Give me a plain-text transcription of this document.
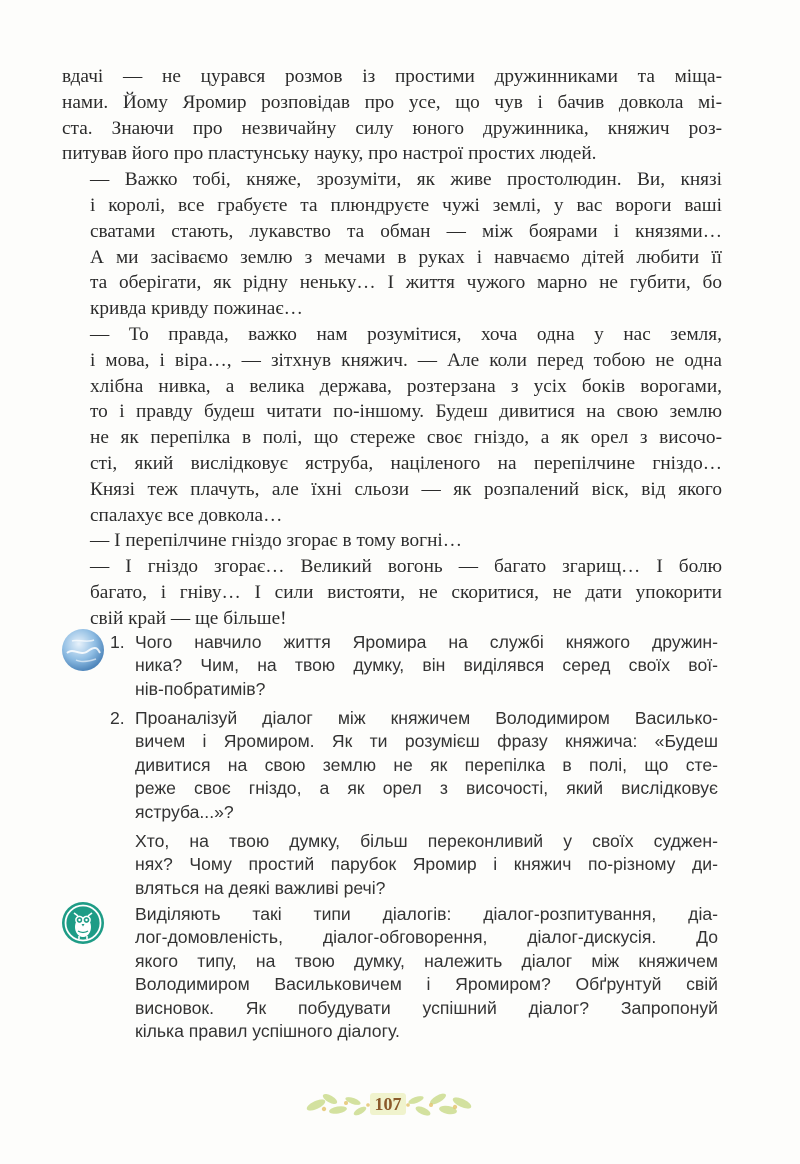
вдачі — не цурався розмов із простими дружинниками та міща-
нами. Йому Яромир розповідав про усе, що чув і бачив довкола мі-
ста. Знаючи про незвичайну силу юного дружинника, княжич роз-
питував його про пластунську науку, про настрої простих людей.

— Важко тобі, княже, зрозуміти, як живе простолюдин. Ви, князі
і королі, все грабуєте та плюндруєте чужі землі, у вас вороги ваші
сватами стають, лукавство та обман — між боярами і князями…
А ми засіваємо землю з мечами в руках і навчаємо дітей любити її
та оберігати, як рідну неньку… І життя чужого марно не губити, бо
кривда кривду пожинає…

— То правда, важко нам розумітися, хоча одна у нас земля,
і мова, і віра…, — зітхнув княжич. — Але коли перед тобою не одна
хлібна нивка, а велика держава, розтерзана з усіх боків ворогами,
то і правду будеш читати по-іншому. Будеш дивитися на свою землю
не як перепілка в полі, що стереже своє гніздо, а як орел з височо-
сті, який вислідковує яструба, націленого на перепілчине гніздо…
Князі теж плачуть, але їхні сльози — як розпалений віск, від якого
спалахує все довкола…

— І перепілчине гніздо згорає в тому вогні…

— І гніздо згорає… Великий вогонь — багато згарищ… І болю
багато, і гніву… І сили вистояти, не скоритися, не дати упокорити
свій край — ще більше!

1. Чого навчило життя Яромира на службі княжого дружин-
ника? Чим, на твою думку, він виділявся серед своїх воï-
нів-побратимів?
2. Проаналізуй діалог між княжичем Володимиром Василько-
вичем і Яромиром. Як ти розумієш фразу княжича: «Будеш
дивитися на свою землю не як перепілка в полі, що сте-
реже своє гніздо, а як орел з височості, який вислідковує
яструба...»?
Хто, на твою думку, більш переконливий у своїх суджен-
нях? Чому простий парубок Яромир і княжич по-різному ди-
вляться на деякі важливі речі?
Виділяють такі типи діалогів: діалог-розпитування, діа-
лог-домовленість, діалог-обговорення, діалог-дискусія. До
якого типу, на твою думку, належить діалог між княжичем
Володимиром Васильковичем і Яромиром? Обґрунтуй свій
висновок. Як побудувати успішний діалог? Запропонуй
кілька правил успішного діалогу.
107
